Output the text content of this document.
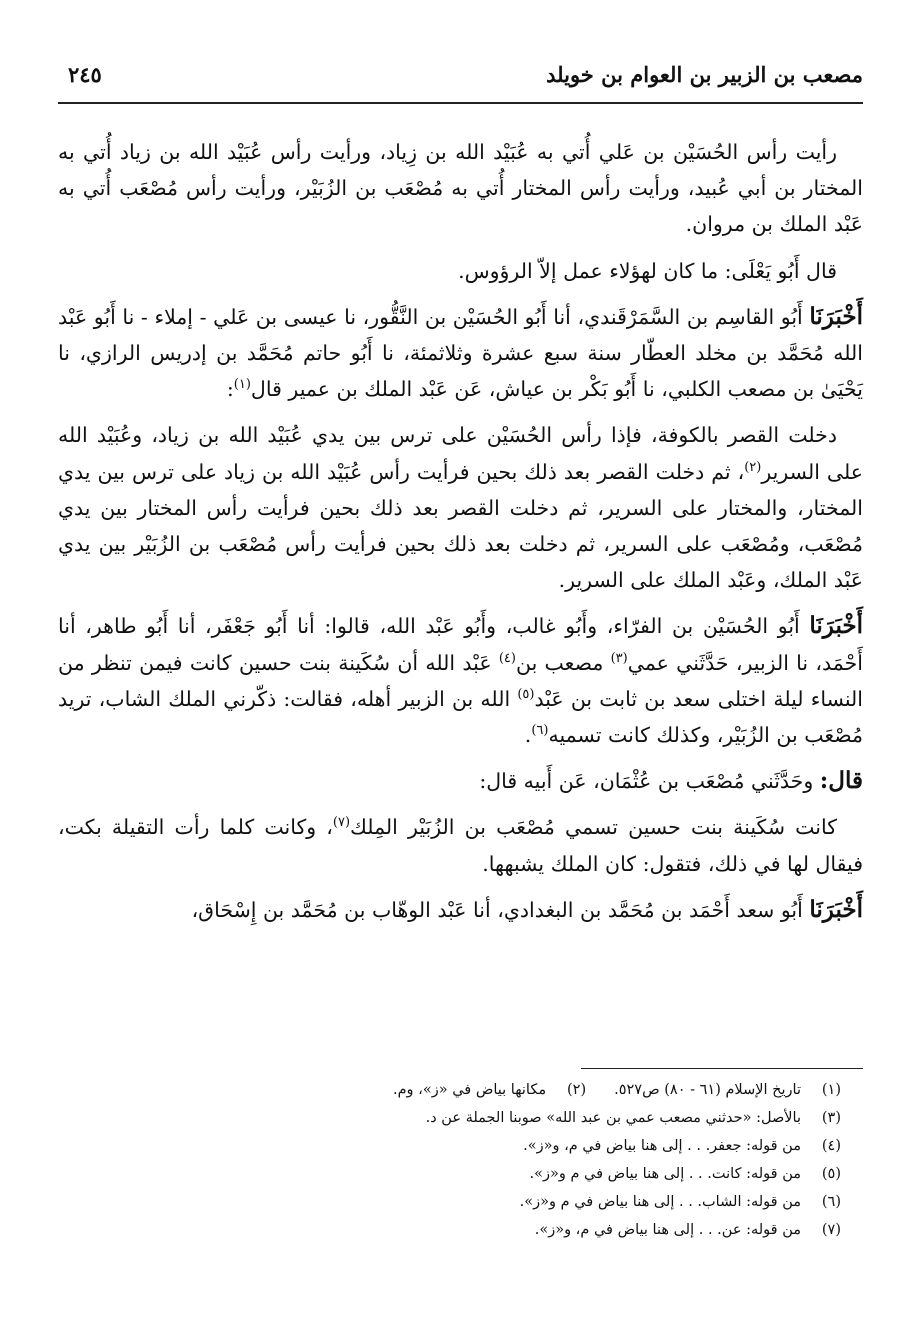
مصعب بن الزبير بن العوام بن خويلد
٢٤٥

رأيت رأس الحُسَيْن بن عَلي أُتي به عُبَيْد الله بن زِياد، ورأيت رأس عُبَيْد الله بن زياد أُتي به المختار بن أبي عُبيد، ورأيت رأس المختار أُتي به مُصْعَب بن الزُبَيْر، ورأيت رأس مُصْعَب أُتي به عَبْد الملك بن مروان.

قال أَبُو يَعْلَى: ما كان لهؤلاء عمل إلاّ الرؤوس.

أَخْبَرَنَا أَبُو القاسِم بن السَّمَرْقَندي، أنا أَبُو الحُسَيْن بن النَّقُّور، نا عيسى بن عَلي - إملاء - نا أَبُو عَبْد الله مُحَمَّد بن مخلد العطّار سنة سبع عشرة وثلاثمئة، نا أَبُو حاتم مُحَمَّد بن إدريس الرازي، نا يَحْيَىٰ بن مصعب الكلبي، نا أَبُو بَكْر بن عياش، عَن عَبْد الملك بن عمير قال$^{(١)}$:

دخلت القصر بالكوفة، فإذا رأس الحُسَيْن على ترس بين يدي عُبَيْد الله بن زياد، وعُبَيْد الله على السرير$^{(٢)}$، ثم دخلت القصر بعد ذلك بحين فرأيت رأس عُبَيْد الله بن زياد على ترس بين يدي المختار، والمختار على السرير، ثم دخلت القصر بعد ذلك بحين فرأيت رأس المختار بين يدي مُصْعَب، ومُصْعَب على السرير، ثم دخلت بعد ذلك بحين فرأيت رأس مُصْعَب بن الزُبَيْر بين يدي عَبْد الملك، وعَبْد الملك على السرير.

أَخْبَرَنَا أَبُو الحُسَيْن بن الفرّاء، وأَبُو غالب، وأَبُو عَبْد الله، قالوا: أنا أَبُو جَعْفَر، أنا أَبُو طاهر، أنا أَحْمَد، نا الزبير، حَدَّثَني عمي$^{(٣)}$ مصعب بن$^{(٤)}$ عَبْد الله أن سُكَينة بنت حسين كانت فيمن تنظر من النساء ليلة اختلى سعد بن ثابت بن عَبْد$^{(٥)}$ الله بن الزبير أهله، فقالت: ذكّرني الملك الشاب، تريد مُصْعَب بن الزُبَيْر، وكذلك كانت تسميه$^{(٦)}$.

قال: وحَدَّثَني مُصْعَب بن عُثْمَان، عَن أَبيه قال:

كانت سُكَينة بنت حسين تسمي مُصْعَب بن الزُبَيْر المِلك$^{(٧)}$، وكانت كلما رأت التقيلة بكت، فيقال لها في ذلك، فتقول: كان الملك يشبهها.

أَخْبَرَنَا أَبُو سعد أَحْمَد بن مُحَمَّد بن البغدادي، أنا عَبْد الوهّاب بن مُحَمَّد بن إِسْحَاق،

(١)
تاريخ الإسلام (٦١ - ٨٠) ص٥٢٧.
(٢)
مكانها بياض في «ز»، وم.
(٣)
بالأصل: «حدثني مصعب عمي بن عبد الله» صوبنا الجملة عن د.
(٤)
من قوله: جعفر. . . إلى هنا بياض في م، و«ز».
(٥)
من قوله: كانت. . . إلى هنا بياض في م و«ز».
(٦)
من قوله: الشاب. . . إلى هنا بياض في م و«ز».
(٧)
من قوله: عن. . . إلى هنا بياض في م، و«ز».
